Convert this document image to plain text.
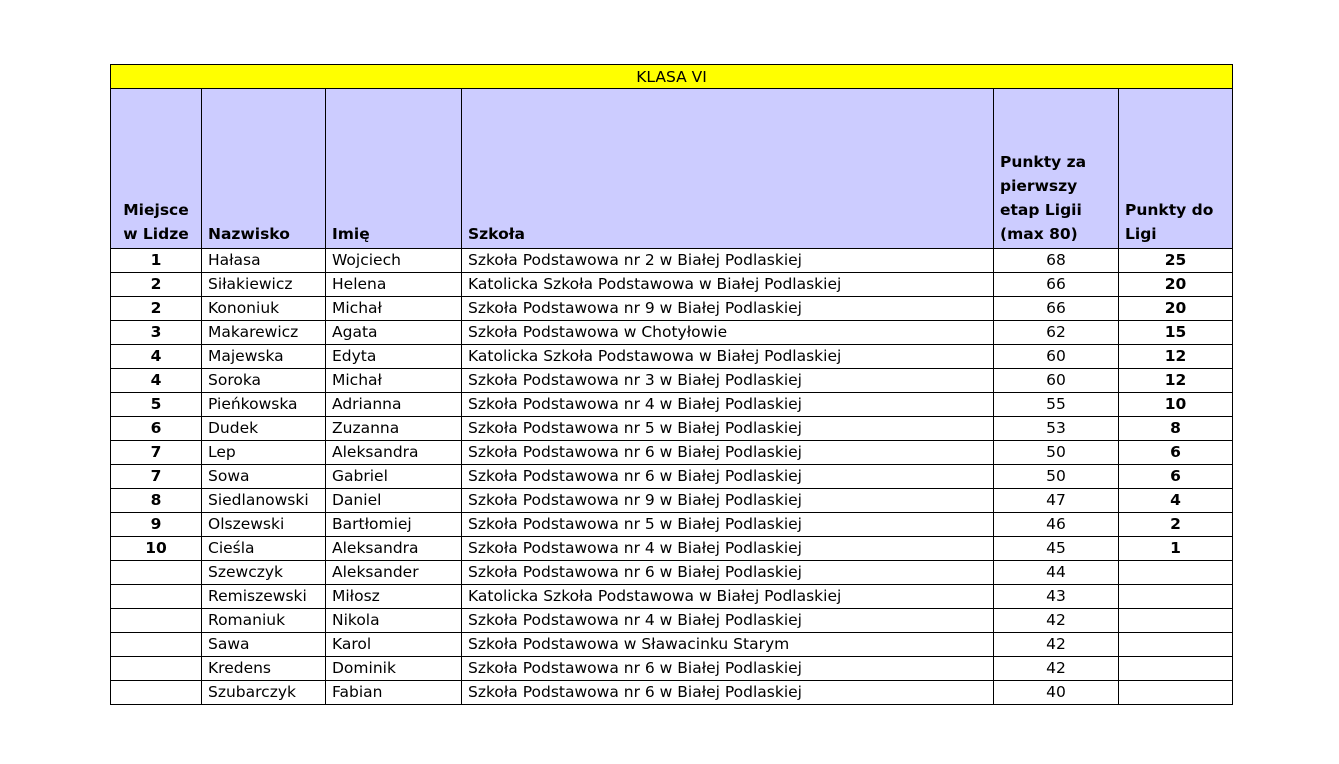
KLASA VI					
Miejsce w Lidze	Nazwisko	Imię	Szkoła	Punkty za pierwszy etap Ligii (max 80)	Punkty do Ligi
1	Hałasa	Wojciech	Szkoła Podstawowa nr 2 w Białej Podlaskiej	68	25
2	Siłakiewicz	Helena	Katolicka Szkoła Podstawowa w Białej Podlaskiej	66	20
2	Kononiuk	Michał	Szkoła Podstawowa nr 9 w Białej Podlaskiej	66	20
3	Makarewicz	Agata	Szkoła Podstawowa w Chotyłowie	62	15
4	Majewska	Edyta	Katolicka Szkoła Podstawowa w Białej Podlaskiej	60	12
4	Soroka	Michał	Szkoła Podstawowa nr 3 w Białej Podlaskiej	60	12
5	Pieńkowska	Adrianna	Szkoła Podstawowa nr 4 w Białej Podlaskiej	55	10
6	Dudek	Zuzanna	Szkoła Podstawowa nr 5 w Białej Podlaskiej	53	8
7	Lep	Aleksandra	Szkoła Podstawowa nr 6 w Białej Podlaskiej	50	6
7	Sowa	Gabriel	Szkoła Podstawowa nr 6 w Białej Podlaskiej	50	6
8	Siedlanowski	Daniel	Szkoła Podstawowa nr 9 w Białej Podlaskiej	47	4
9	Olszewski	Bartłomiej	Szkoła Podstawowa nr 5 w Białej Podlaskiej	46	2
10	Cieśla	Aleksandra	Szkoła Podstawowa nr 4 w Białej Podlaskiej	45	1
	Szewczyk	Aleksander	Szkoła Podstawowa nr 6 w Białej Podlaskiej	44	
	Remiszewski	Miłosz	Katolicka Szkoła Podstawowa w Białej Podlaskiej	43	
	Romaniuk	Nikola	Szkoła Podstawowa nr 4 w Białej Podlaskiej	42	
	Sawa	Karol	Szkoła Podstawowa w Sławacinku Starym	42	
	Kredens	Dominik	Szkoła Podstawowa nr 6 w Białej Podlaskiej	42	
	Szubarczyk	Fabian	Szkoła Podstawowa nr 6 w Białej Podlaskiej	40	
